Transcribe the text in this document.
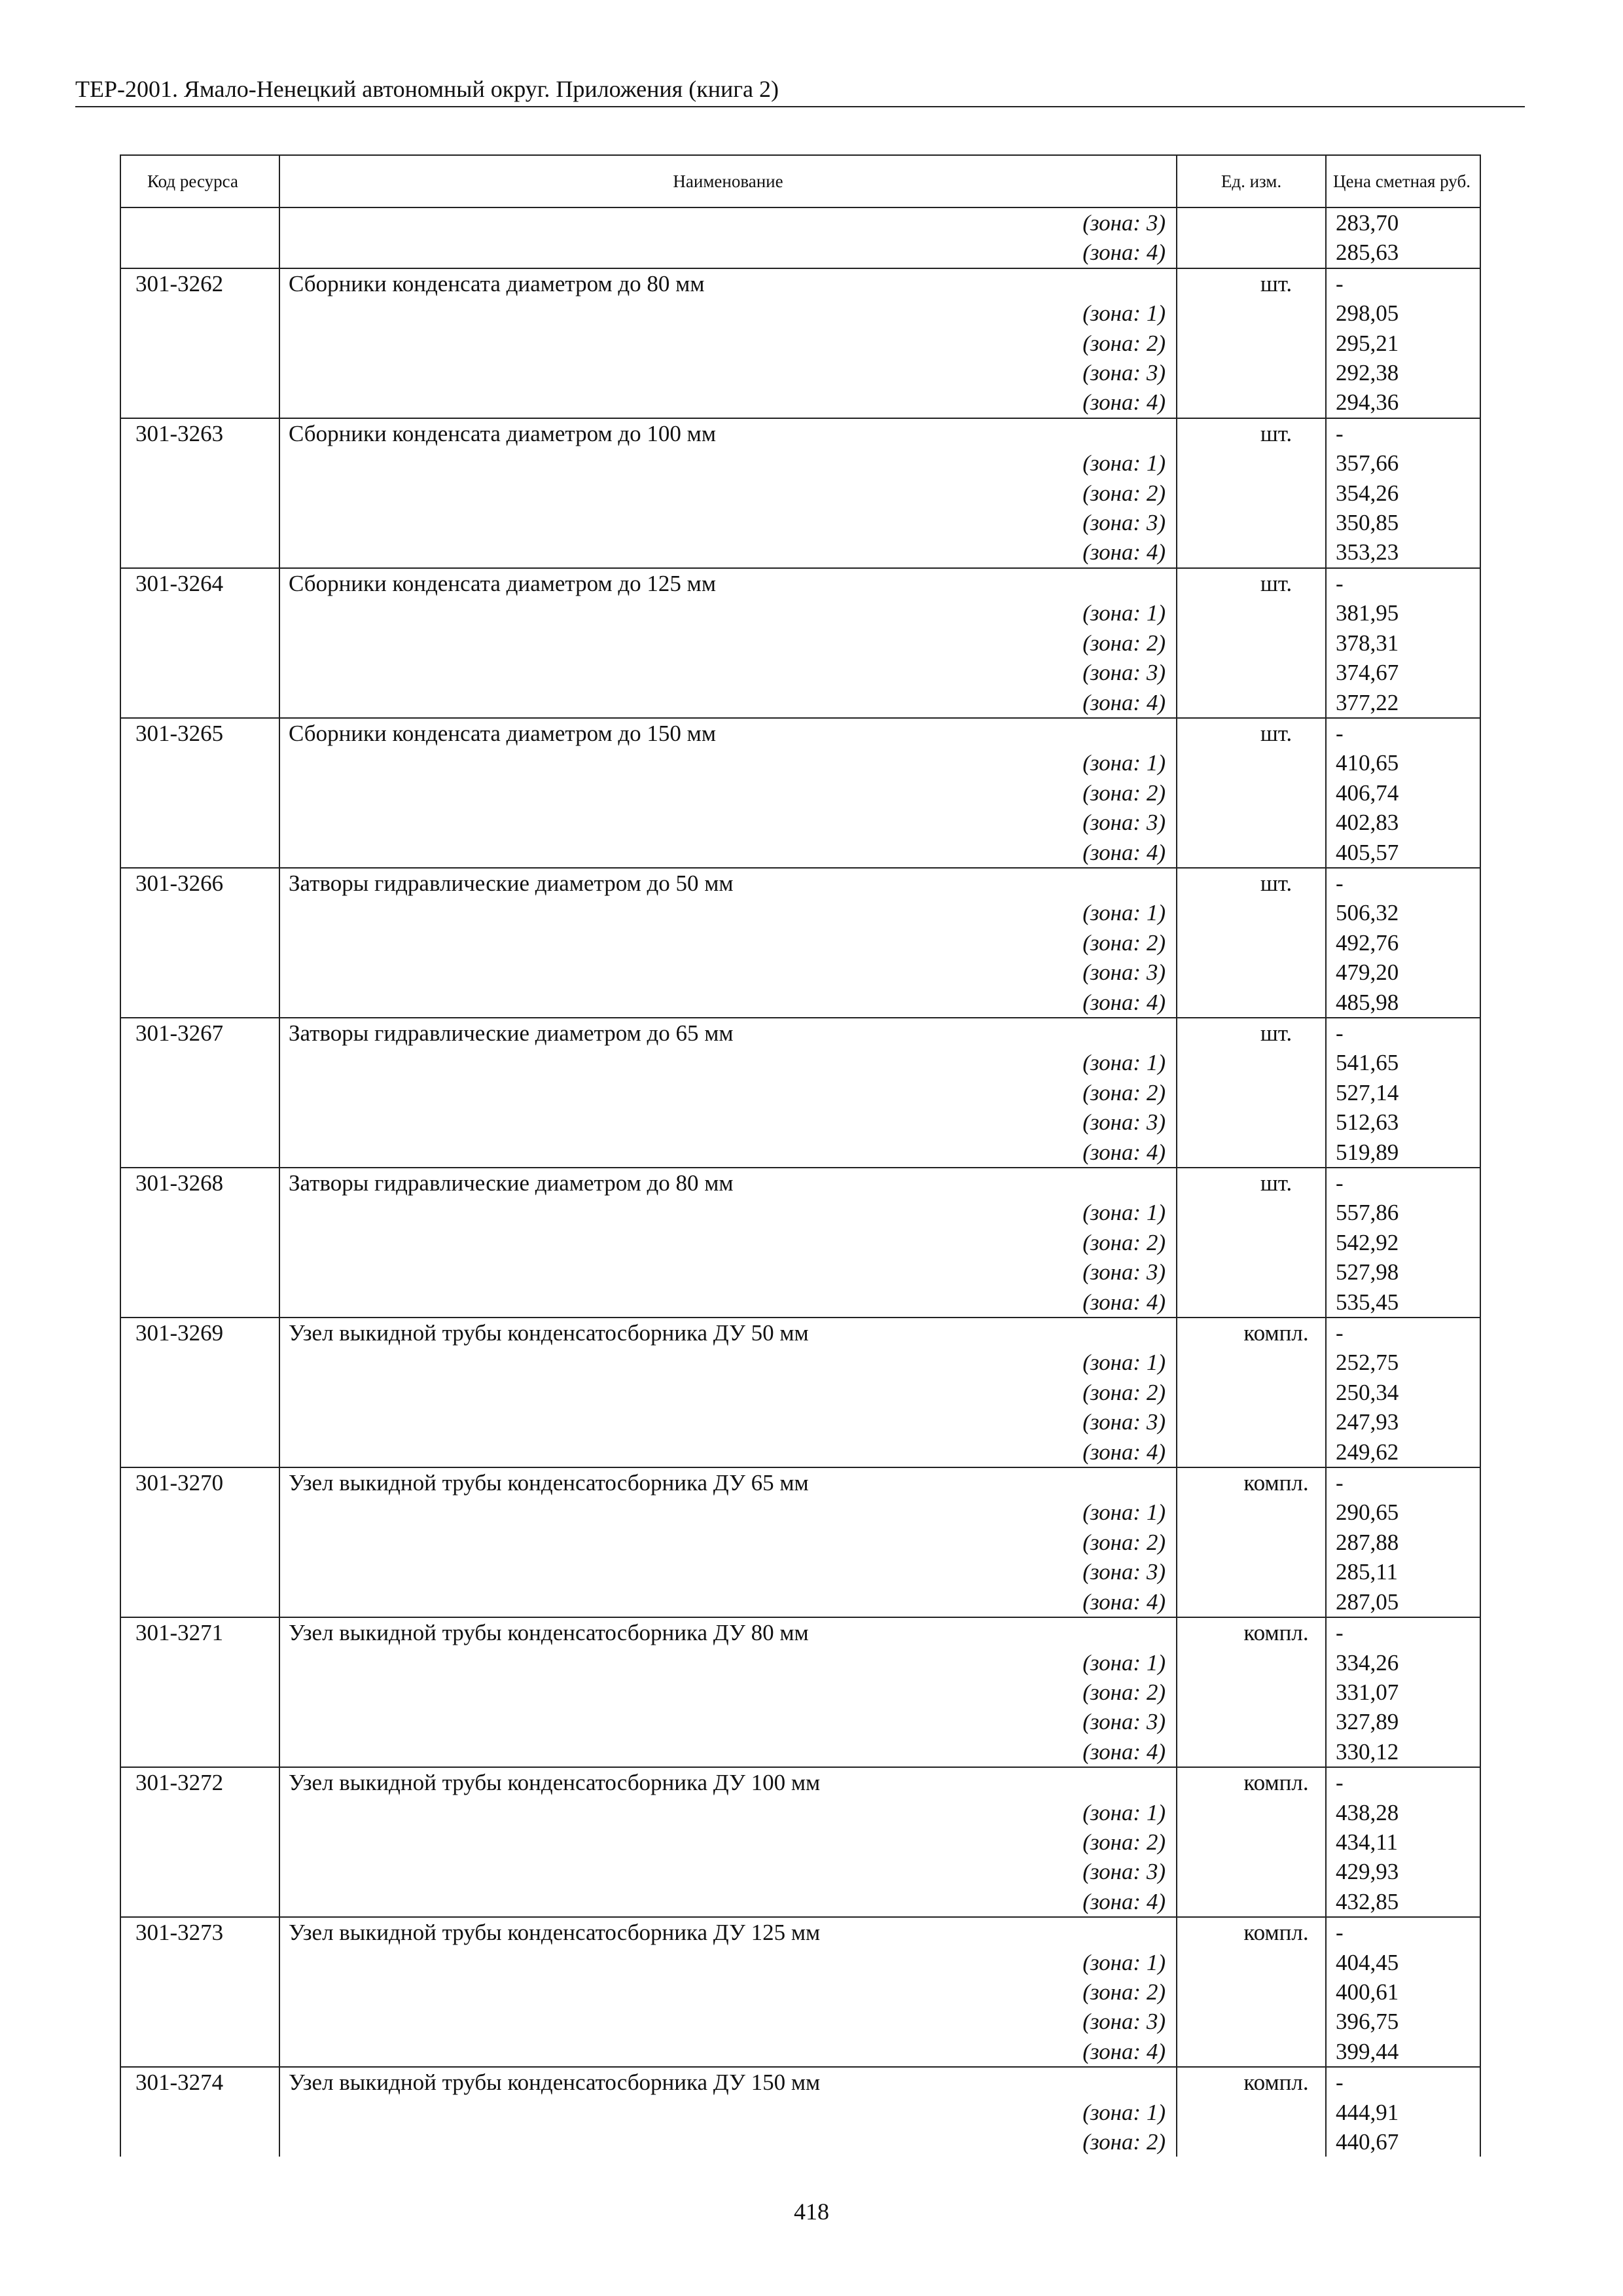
ТЕР-2001. Ямало-Ненецкий автономный округ. Приложения (книга 2)
Код ресурса	Наименование	Ед. изм.	Цена сметная руб.
	(зона: 3)		283,70
	(зона: 4)		285,63
301-3262	Сборники конденсата диаметром до 80 мм	шт.	-
	(зона: 1)		298,05
	(зона: 2)		295,21
	(зона: 3)		292,38
	(зона: 4)		294,36
301-3263	Сборники конденсата диаметром до 100 мм	шт.	-
	(зона: 1)		357,66
	(зона: 2)		354,26
	(зона: 3)		350,85
	(зона: 4)		353,23
301-3264	Сборники конденсата диаметром до 125 мм	шт.	-
	(зона: 1)		381,95
	(зона: 2)		378,31
	(зона: 3)		374,67
	(зона: 4)		377,22
301-3265	Сборники конденсата диаметром до 150 мм	шт.	-
	(зона: 1)		410,65
	(зона: 2)		406,74
	(зона: 3)		402,83
	(зона: 4)		405,57
301-3266	Затворы гидравлические диаметром до 50 мм	шт.	-
	(зона: 1)		506,32
	(зона: 2)		492,76
	(зона: 3)		479,20
	(зона: 4)		485,98
301-3267	Затворы гидравлические диаметром до 65 мм	шт.	-
	(зона: 1)		541,65
	(зона: 2)		527,14
	(зона: 3)		512,63
	(зона: 4)		519,89
301-3268	Затворы гидравлические диаметром до 80 мм	шт.	-
	(зона: 1)		557,86
	(зона: 2)		542,92
	(зона: 3)		527,98
	(зона: 4)		535,45
301-3269	Узел выкидной трубы конденсатосборника ДУ 50 мм	компл.	-
	(зона: 1)		252,75
	(зона: 2)		250,34
	(зона: 3)		247,93
	(зона: 4)		249,62
301-3270	Узел выкидной трубы конденсатосборника ДУ 65 мм	компл.	-
	(зона: 1)		290,65
	(зона: 2)		287,88
	(зона: 3)		285,11
	(зона: 4)		287,05
301-3271	Узел выкидной трубы конденсатосборника ДУ 80 мм	компл.	-
	(зона: 1)		334,26
	(зона: 2)		331,07
	(зона: 3)		327,89
	(зона: 4)		330,12
301-3272	Узел выкидной трубы конденсатосборника ДУ 100 мм	компл.	-
	(зона: 1)		438,28
	(зона: 2)		434,11
	(зона: 3)		429,93
	(зона: 4)		432,85
301-3273	Узел выкидной трубы конденсатосборника ДУ 125 мм	компл.	-
	(зона: 1)		404,45
	(зона: 2)		400,61
	(зона: 3)		396,75
	(зона: 4)		399,44
301-3274	Узел выкидной трубы конденсатосборника ДУ 150 мм	компл.	-
	(зона: 1)		444,91
	(зона: 2)		440,67
418
